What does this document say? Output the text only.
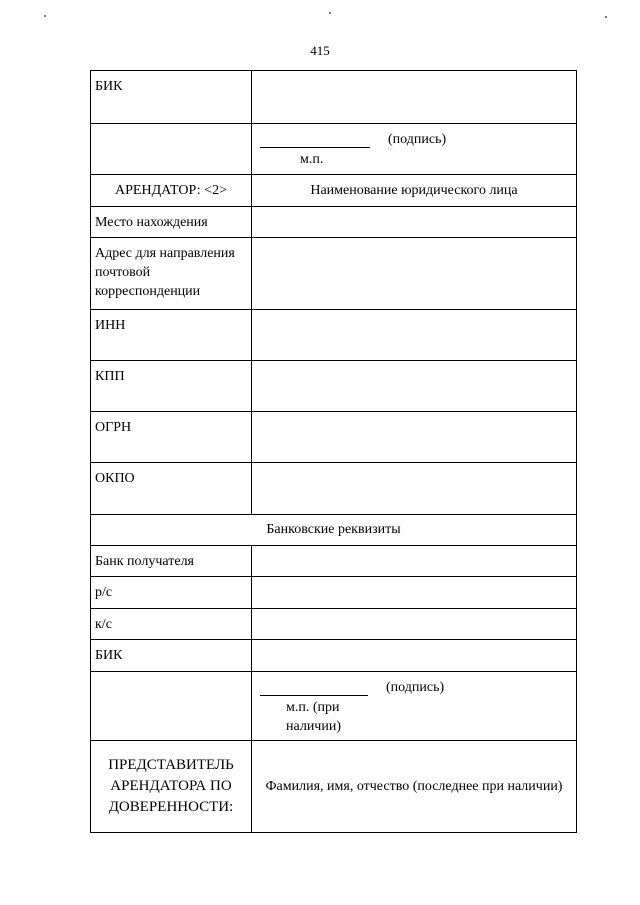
415
БИК	

	(подпись)
м.п.

АРЕНДАТОР: <2>	Наименование юридического лица
Место нахождения	
Адрес для направления почтовой корреспонденции	
ИНН	
КПП	
ОГРН	
ОКПО	
Банковские реквизиты	
Банк получателя	
р/с	
к/с	
БИК	

	(подпись)
м.п. (при наличии)

ПРЕДСТАВИТЕЛЬ АРЕНДАТОРА ПО ДОВЕРЕННОСТИ:	Фамилия, имя, отчество (последнее при наличии)
